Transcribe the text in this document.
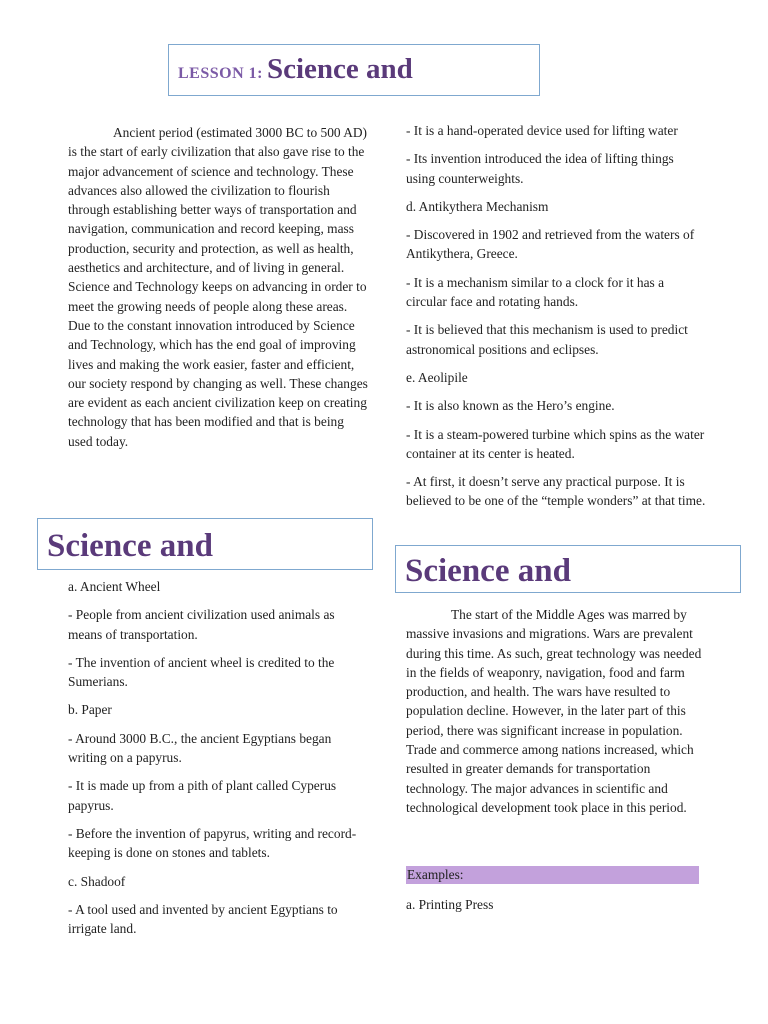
LESSON 1: Science and

Ancient period (estimated 3000 BC to 500 AD) is the start of early civilization that also gave rise to the major advancement of science and technology. These advances also allowed the civilization to flourish through establishing better ways of transportation and navigation, communication and record keeping, mass production, security and protection, as well as health, aesthetics and architecture, and of living in general. Science and Technology keeps on advancing in order to meet the growing needs of people along these areas. Due to the constant innovation introduced by Science and Technology, which has the end goal of improving lives and making the work easier, faster and efficient, our society respond by changing as well. These changes are evident as each ancient civilization keep on creating technology that has been modified and that is being used today.

Science and

a. Ancient Wheel

- People from ancient civilization used animals as means of transportation.

- The invention of ancient wheel is credited to the Sumerians.

b. Paper

- Around 3000 B.C., the ancient Egyptians began writing on a papyrus.

- It is made up from a pith of plant called Cyperus papyrus.

- Before the invention of papyrus, writing and record-keeping is done on stones and tablets.

c. Shadoof

- A tool used and invented by ancient Egyptians to irrigate land.

- It is a hand-operated device used for lifting water

- Its invention introduced the idea of lifting things using counterweights.

d. Antikythera Mechanism

- Discovered in 1902 and retrieved from the waters of Antikythera, Greece.

- It is a mechanism similar to a clock for it has a circular face and rotating hands.

- It is believed that this mechanism is used to predict astronomical positions and eclipses.

e. Aeolipile

- It is also known as the Hero’s engine.

- It is a steam-powered turbine which spins as the water container at its center is heated.

- At first, it doesn’t serve any practical purpose. It is believed to be one of the “temple wonders” at that time.

Science and

The start of the Middle Ages was marred by massive invasions and migrations. Wars are prevalent during this time. As such, great technology was needed in the fields of weaponry, navigation, food and farm production, and health. The wars have resulted to population decline. However, in the later part of this period, there was significant increase in population. Trade and commerce among nations increased, which resulted in greater demands for transportation technology. The major advances in scientific and technological development took place in this period.

Examples:

a. Printing Press
